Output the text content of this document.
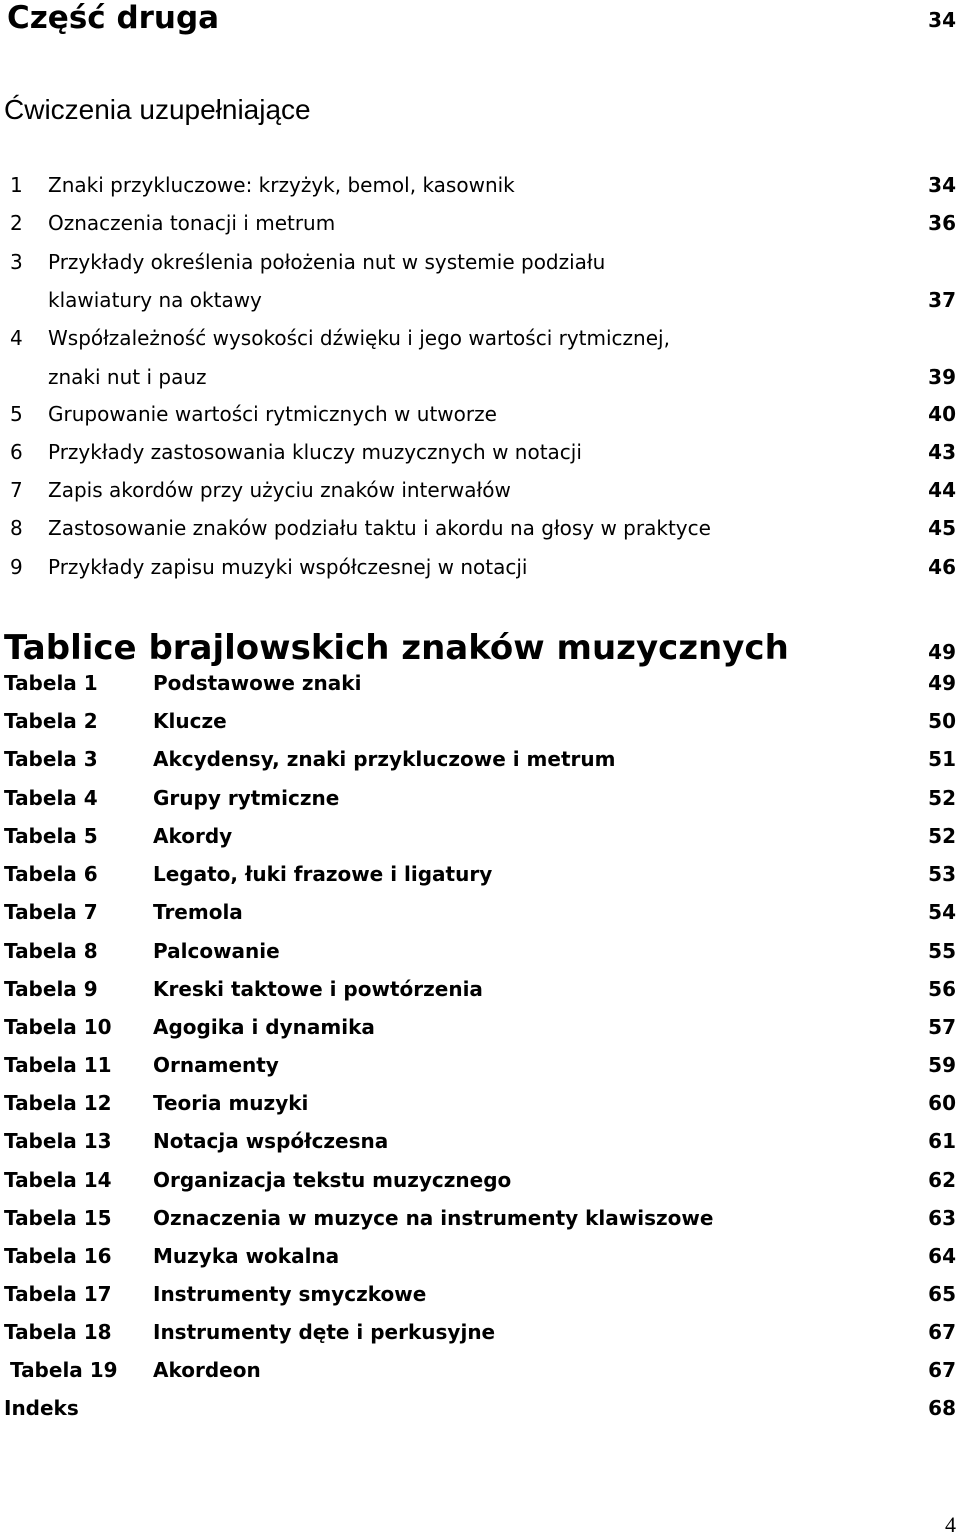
Część druga	34
Ćwiczenia uzupełniające
1 Znaki przykluczowe: krzyżyk, bemol, kasownik	34
2 Oznaczenia tonacji i metrum	36
3 Przykłady określenia położenia nut w systemie podziału
klawiatury na oktawy	37
4 Współzależność wysokości dźwięku i jego wartości rytmicznej,
znaki nut i pauz	39
5 Grupowanie wartości rytmicznych w utworze	40
6 Przykłady zastosowania kluczy muzycznych w notacji	43
7 Zapis akordów przy użyciu znaków interwałów	44
8 Zastosowanie znaków podziału taktu i akordu na głosy w praktyce	45
9 Przykłady zapisu muzyki współczesnej w notacji	46
Tablice brajlowskich znaków muzycznych	49
Tabela 1	Podstawowe znaki	49
Tabela 2	Klucze	50
Tabela 3	Akcydensy, znaki przykluczowe i metrum	51
Tabela 4	Grupy rytmiczne	52
Tabela 5	Akordy	52
Tabela 6	Legato, łuki frazowe i ligatury	53
Tabela 7	Tremola	54
Tabela 8	Palcowanie	55
Tabela 9	Kreski taktowe i powtórzenia	56
Tabela 10 Agogika i dynamika	57
Tabela 11 Ornamenty	59
Tabela 12 Teoria muzyki	60
Tabela 13 Notacja współczesna	61
Tabela 14 Organizacja tekstu muzycznego	62
Tabela 15 Oznaczenia w muzyce na instrumenty klawiszowe	63
Tabela 16 Muzyka wokalna	64
Tabela 17 Instrumenty smyczkowe	65
Tabela 18 Instrumenty dęte i perkusyjne	67
Tabela 19 Akordeon	67
Indeks	68
4
